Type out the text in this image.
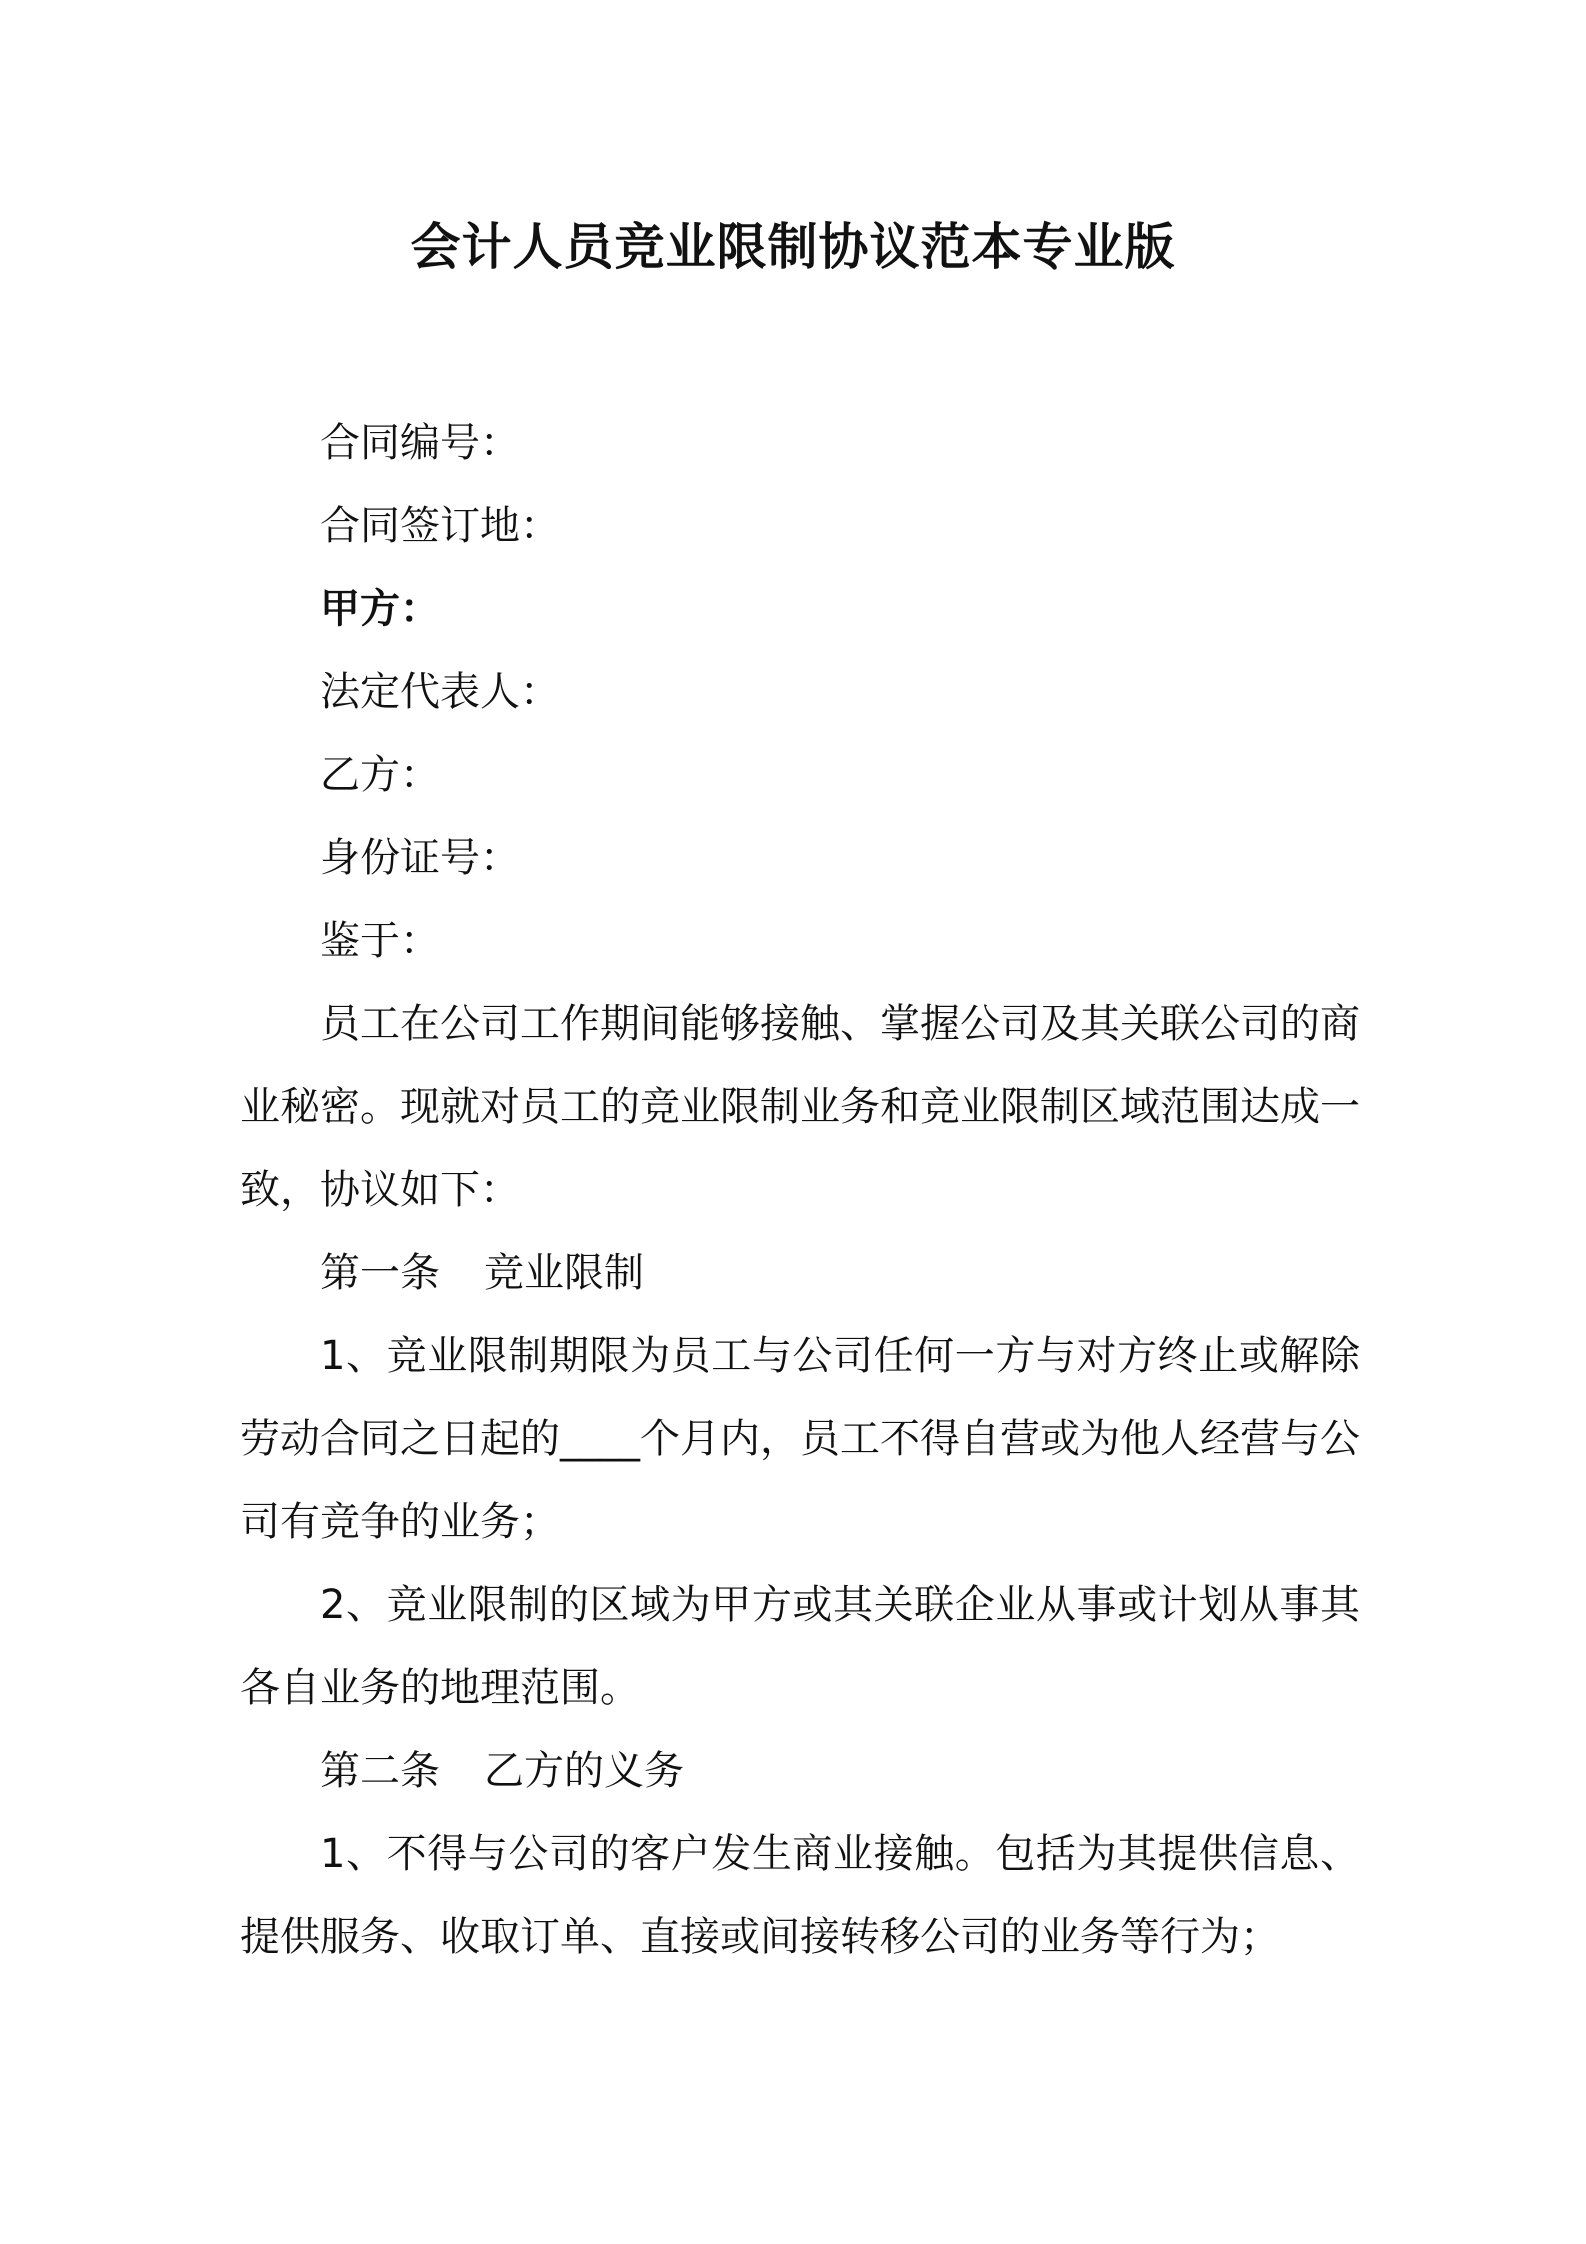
会计人员竞业限制协议范本专业版
合同编号：
合同签订地：
甲方：
法定代表人：
乙方：
身份证号：
鉴于：

员工在公司工作期间能够接触、掌握公司及其关联公司的商业秘密。现就对员工的竞业限制业务和竞业限制区域范围达成一致，协议如下：

第一条 竞业限制

1、竞业限制期限为员工与公司任何一方与对方终止或解除劳动合同之日起的____个月内，员工不得自营或为他人经营与公司有竞争的业务；

2、竞业限制的区域为甲方或其关联企业从事或计划从事其各自业务的地理范围。

第二条 乙方的义务

1、不得与公司的客户发生商业接触。包括为其提供信息、提供服务、收取订单、直接或间接转移公司的业务等行为；
